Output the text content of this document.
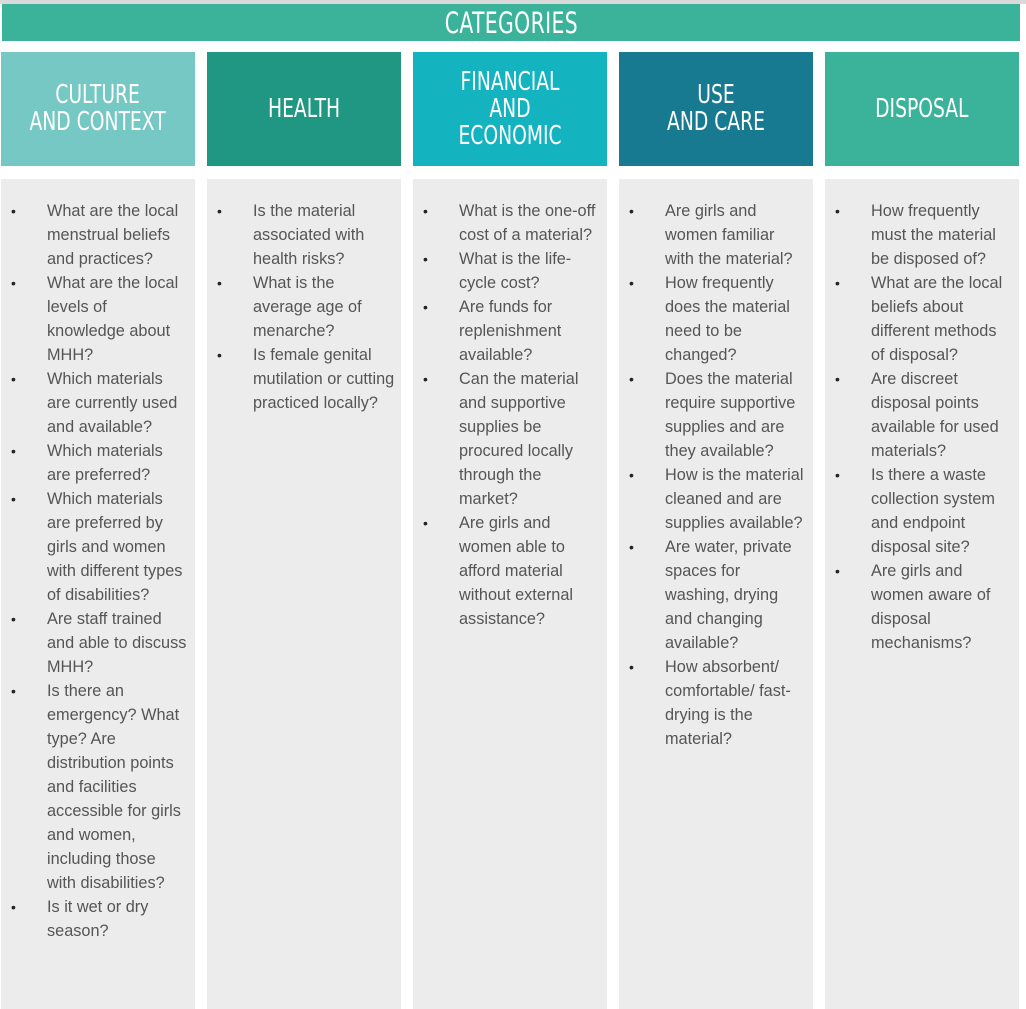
CATEGORIES
CULTURE
AND CONTEXT
• What are the local menstrual beliefs and practices?
• What are the local levels of knowledge about MHH?
• Which materials are currently used and available?
• Which materials are preferred?
• Which materials are preferred by girls and women with different types of disabilities?
• Are staff trained and able to discuss MHH?
• Is there an emergency? What type? Are distribution points and facilities accessible for girls and women, including those with disabilities?
• Is it wet or dry season?
HEALTH
• Is the material associated with health risks?
• What is the average age of menarche?
• Is female genital mutilation or cutting practiced locally?
FINANCIAL AND
ECONOMIC
• What is the one-off cost of a material?
• What is the life-cycle cost?
• Are funds for replenishment available?
• Can the material and supportive supplies be procured locally through the market?
• Are girls and women able to afford material without external assistance?
USE
AND CARE
• Are girls and women familiar with the material?
• How frequently does the material need to be changed?
• Does the material require supportive supplies and are they available?
• How is the material cleaned and are supplies available?
• Are water, private spaces for washing, drying and changing available?
• How absorbent/ comfortable/ fast-drying is the material?
DISPOSAL
• How frequently must the material be disposed of?
• What are the local beliefs about different methods of disposal?
• Are discreet disposal points available for used materials?
• Is there a waste collection system and endpoint disposal site?
• Are girls and women aware of disposal mechanisms?
